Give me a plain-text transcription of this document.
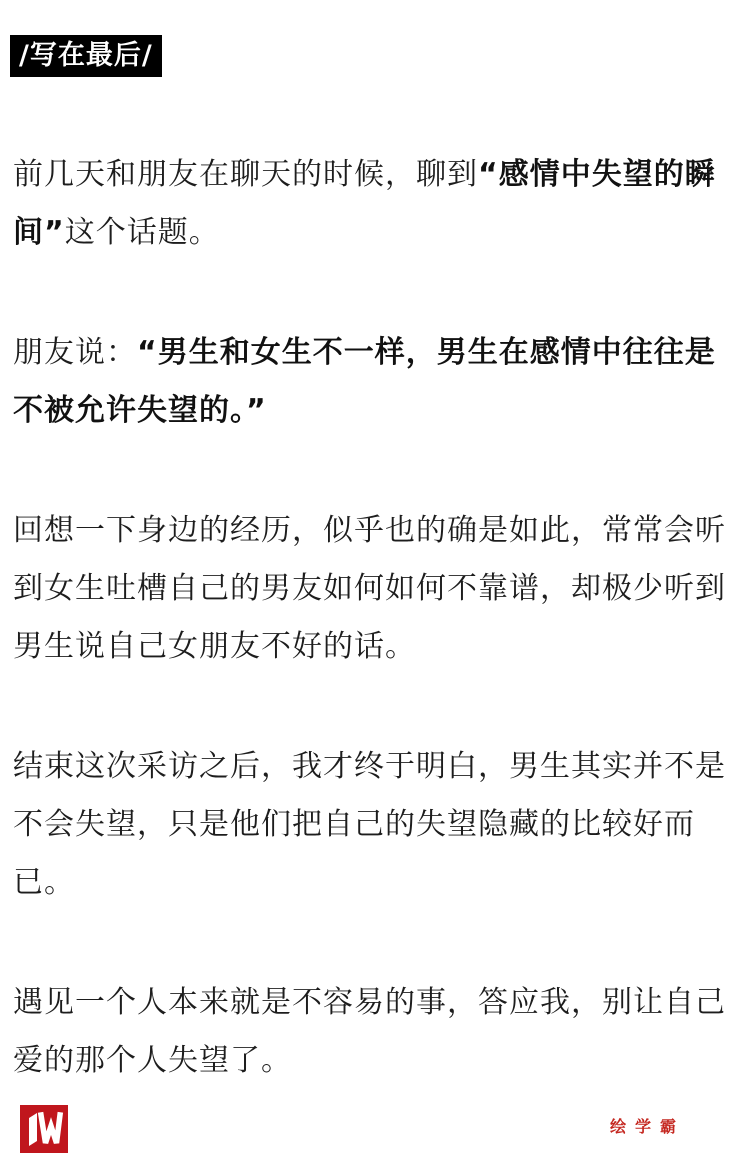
/写在最后/

前几天和朋友在聊天的时候，聊到“感情中失望的瞬间”这个话题。

朋友说：“男生和女生不一样，男生在感情中往往是不被允许失望的。”

回想一下身边的经历，似乎也的确是如此，常常会听到女生吐槽自己的男友如何如何不靠谱，却极少听到男生说自己女朋友不好的话。

结束这次采访之后，我才终于明白，男生其实并不是不会失望，只是他们把自己的失望隐藏的比较好而已。

遇见一个人本来就是不容易的事，答应我，别让自己爱的那个人失望了。

绘学霸
